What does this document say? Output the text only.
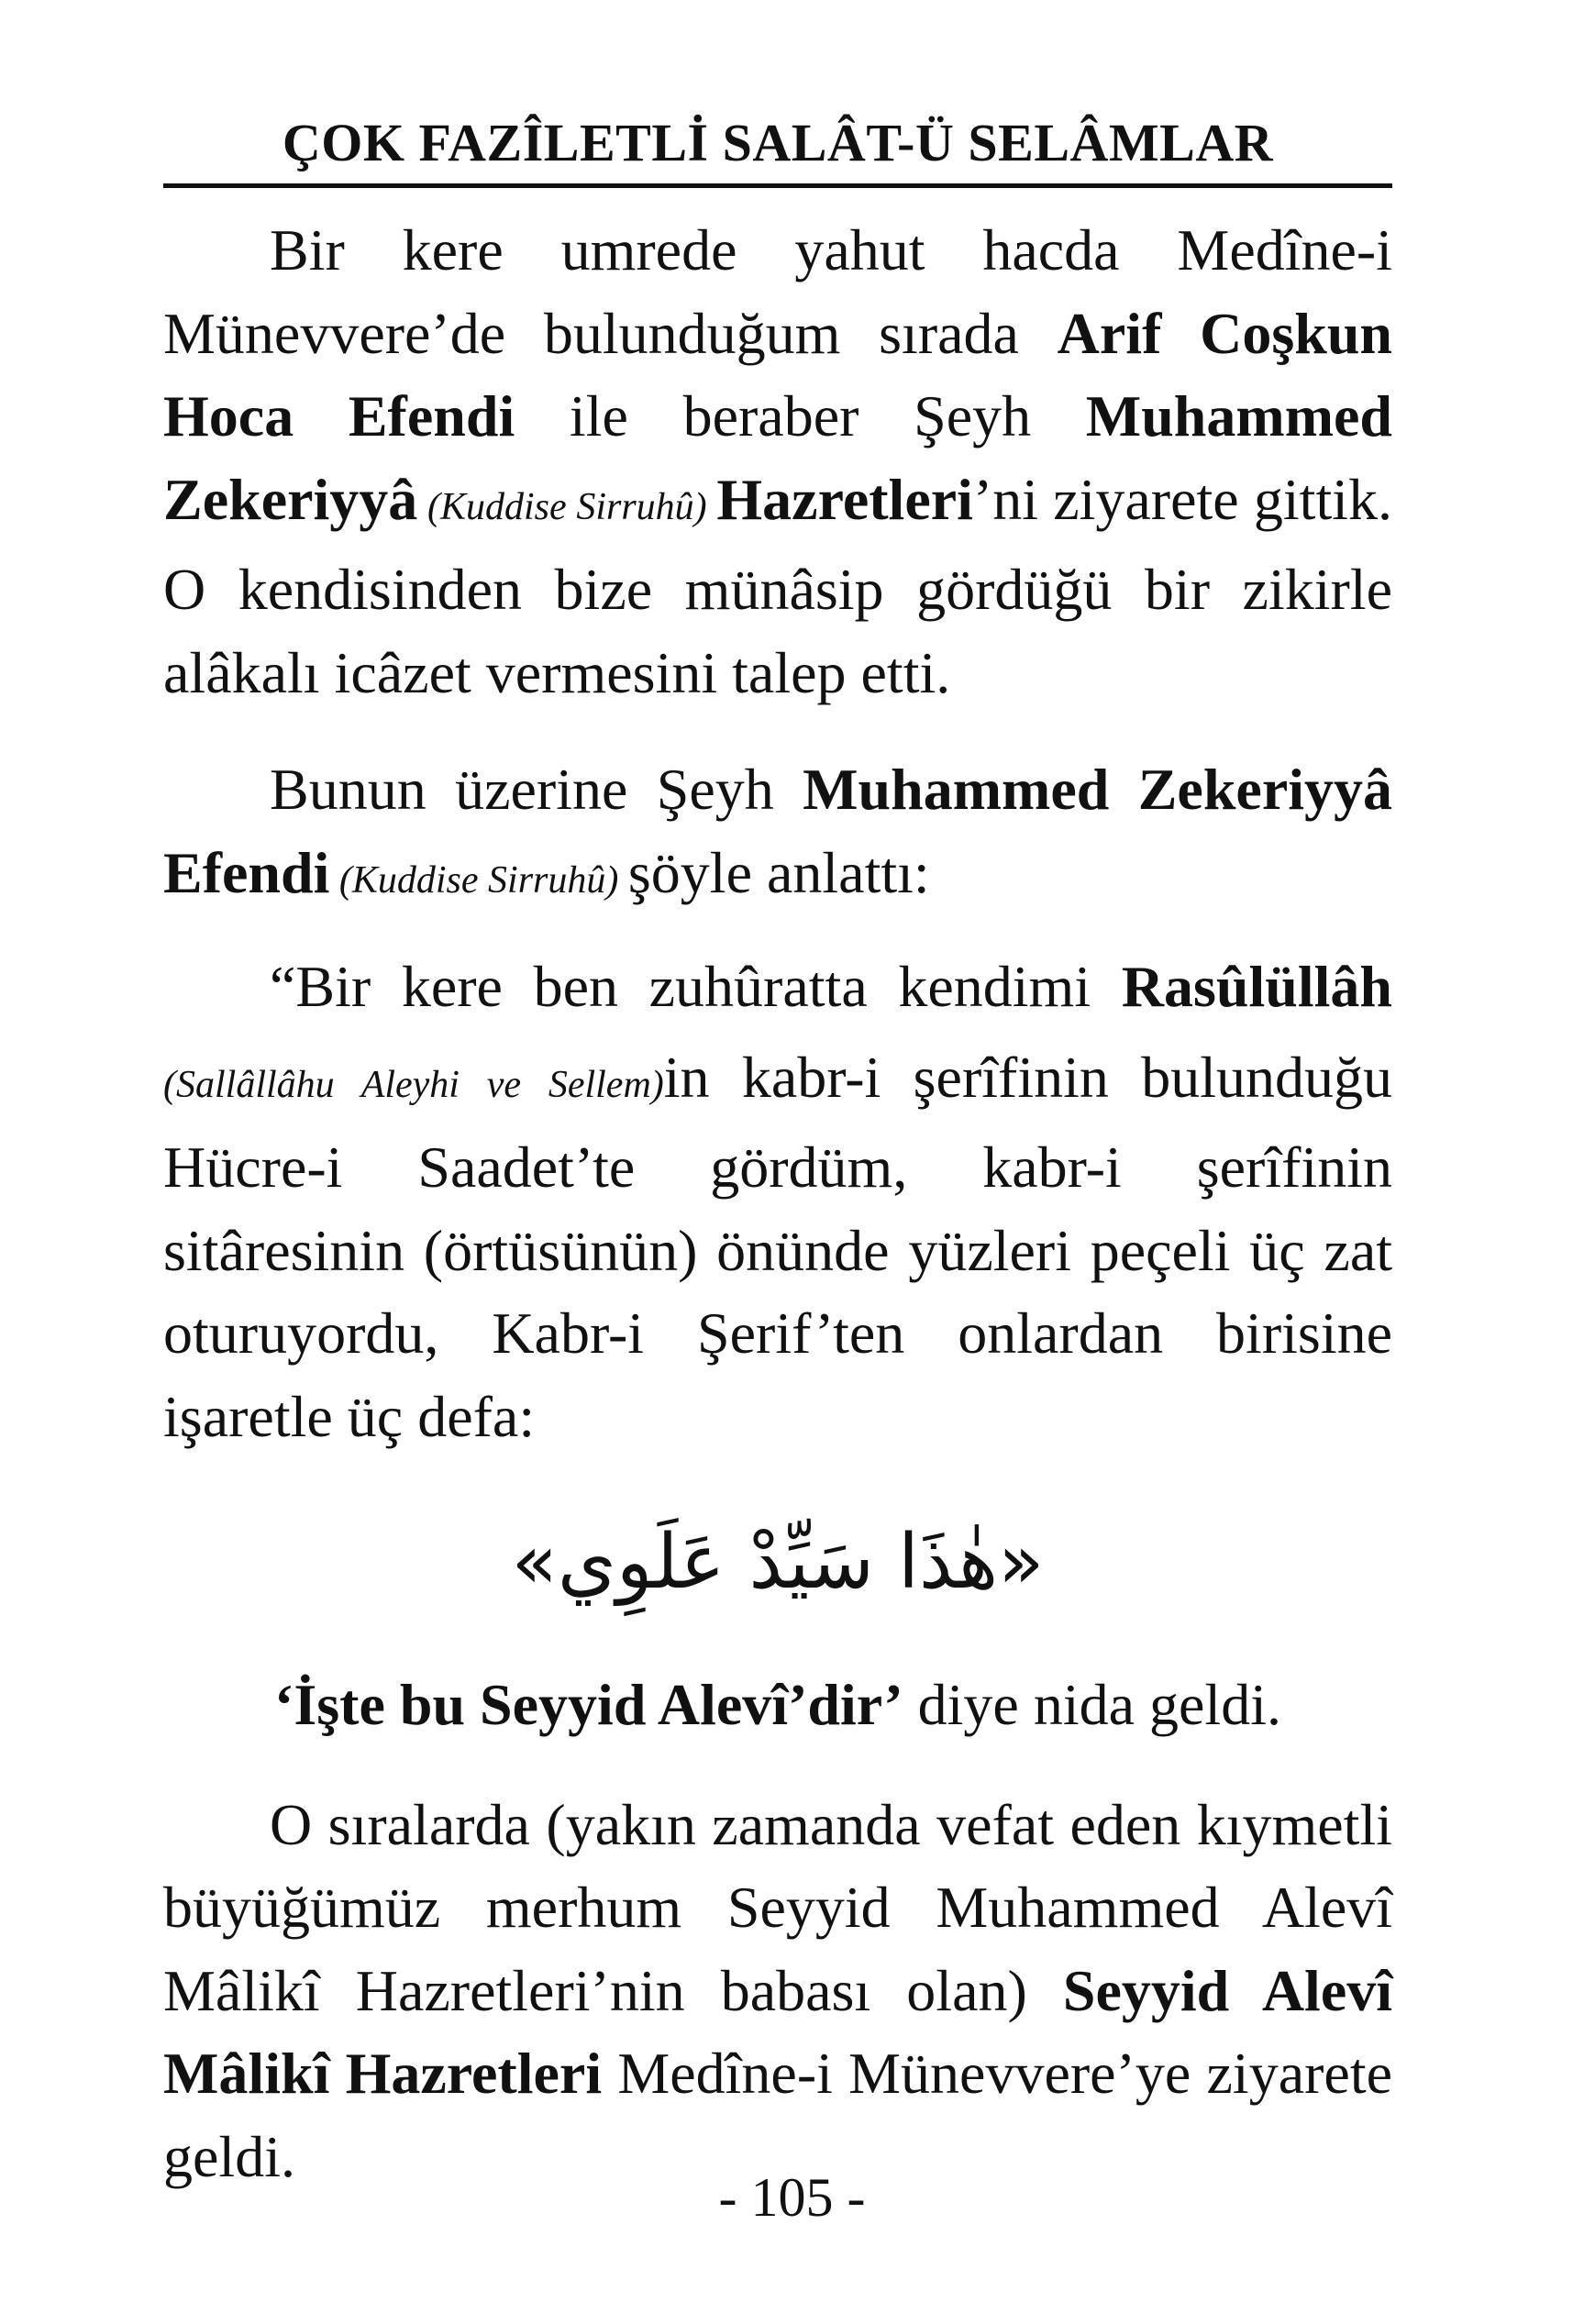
ÇOK FAZÎLETLİ SALÂT-Ü SELÂMLAR

Bir kere umrede yahut hacda Medîne-i Münevvere’de bulunduğum sırada Arif Coşkun Hoca Efendi ile beraber Şeyh Muhammed Zekeriyyâ (Kuddise Sirruhû) Hazretleri’ni ziyarete gittik. O kendisinden bize münâsip gördüğü bir zikirle alâkalı icâzet vermesini talep etti.

Bunun üzerine Şeyh Muhammed Zekeriyyâ Efendi (Kuddise Sirruhû) şöyle anlattı:

“Bir kere ben zuhûratta kendimi Rasûlüllâh (Sallâllâhu Aleyhi ve Sellem)in kabr-i şerîfinin bulunduğu Hücre-i Saadet’te gördüm, kabr-i şerîfinin sitâresinin (örtüsünün) önünde yüzleri peçeli üç zat oturuyordu, Kabr-i Şerif’ten onlardan birisine işaretle üç defa:

«هٰذَا سَيِّدْ عَلَوِي»

‘İşte bu Seyyid Alevî’dir’ diye nida geldi.

O sıralarda (yakın zamanda vefat eden kıymetli büyüğümüz merhum Seyyid Muhammed Alevî Mâlikî Hazretleri’nin babası olan) Seyyid Alevî Mâlikî Hazretleri Medîne-i Münevvere’ye ziyarete geldi.

- 105 -
